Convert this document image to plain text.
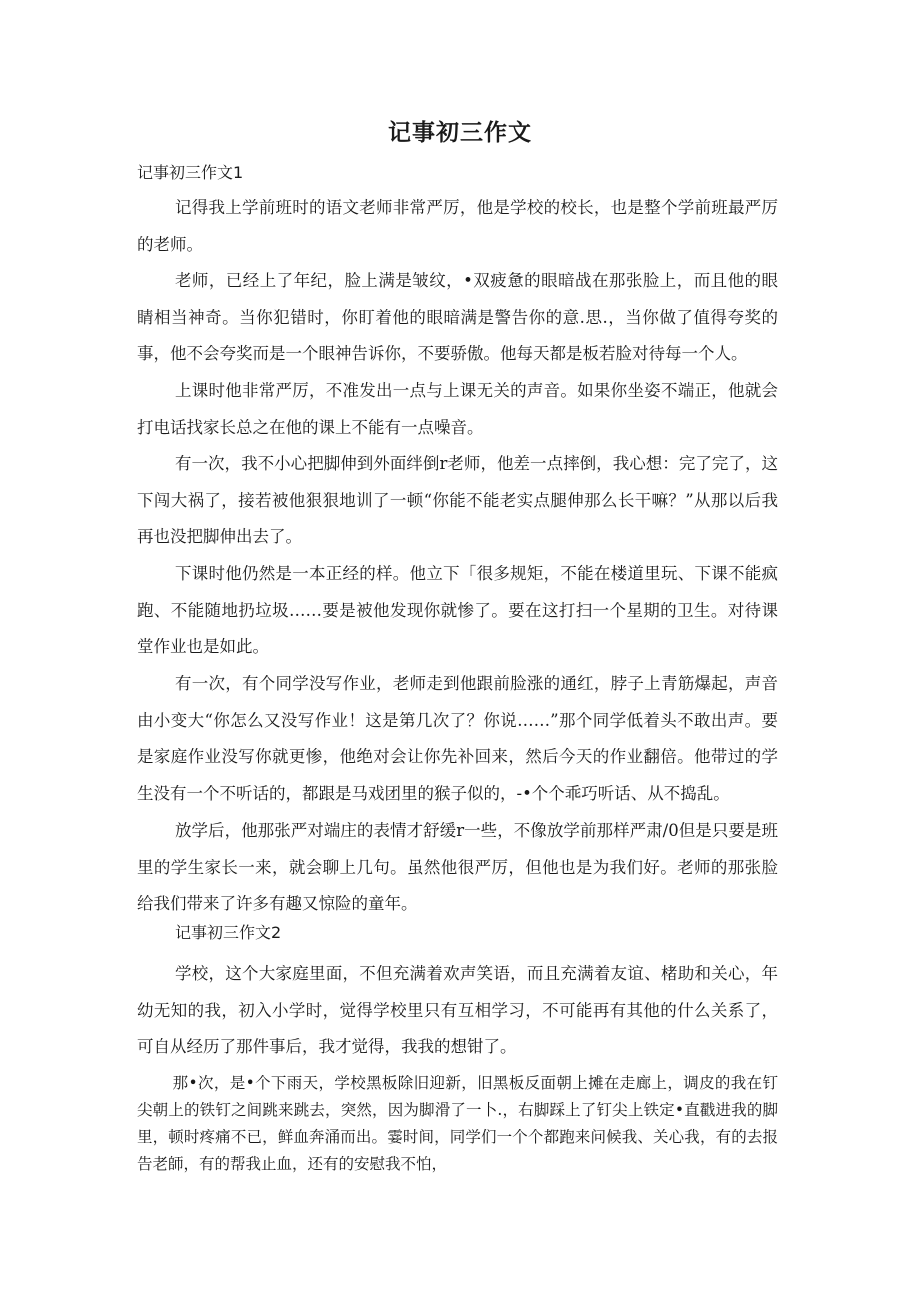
记事初三作文
记事初三作文1

记得我上学前班时的语文老师非常严厉，他是学校的校长，也是整个学前班最严厉的老师。

老师，已经上了年纪，脸上满是皱纹，•双疲惫的眼暗战在那张脸上，而且他的眼睛相当神奇。当你犯错时，你盯着他的眼暗满是警告你的意.思.，当你做了值得夸奖的事，他不会夸奖而是一个眼神告诉你，不要骄傲。他每天都是板若脸对待每一个人。

上课时他非常严厉，不准发出一点与上课无关的声音。如果你坐姿不端正，他就会打电话找家长总之在他的课上不能有一点噪音。

有一次，我不小心把脚伸到外面绊倒r老师，他差一点摔倒，我心想：完了完了，这下闯大祸了，接若被他狠狠地训了一顿“你能不能老实点腿伸那么长干嘛？”从那以后我再也没把脚伸出去了。

下课时他仍然是一本正经的样。他立下「很多规矩，不能在楼道里玩、下课不能疯跑、不能随地扔垃圾……要是被他发现你就惨了。要在这打扫一个星期的卫生。对待课堂作业也是如此。

有一次，有个同学没写作业，老师走到他跟前脸涨的通红，脖子上青筋爆起，声音由小变大“你怎么又没写作业！这是第几次了？你说……”那个同学低着头不敢出声。要是家庭作业没写你就更惨，他绝对会让你先补回来，然后今天的作业翻倍。他带过的学生没有一个不听话的，都跟是马戏团里的猴子似的，-•个个乖巧听话、从不捣乱。

放学后，他那张严对端庄的表情才舒缓r一些，不像放学前那样严肃/0但是只要是班里的学生家长一来，就会聊上几句。虽然他很严厉，但他也是为我们好。老师的那张脸给我们带来了许多有趣又惊险的童年。

记事初三作文2

学校，这个大家庭里面，不但充满着欢声笑语，而且充满着友谊、楮助和关心，年幼无知的我，初入小学时，觉得学校里只有互相学习，不可能再有其他的什么关系了，可自从经历了那件事后，我才觉得，我我的想钳了。

那•次，是•个下雨天，学校黑板除旧迎新，旧黑板反面朝上摊在走廊上，调皮的我在钉尖朝上的铁钉之间跳来跳去，突然，因为脚滑了一卜.，右脚踩上了钉尖上铁定•直戳进我的脚里，顿时疼痛不已，鲜血奔涌而出。霎时间，同学们一个个都跑来问候我、关心我，有的去报告老師，有的帮我止血，还有的安慰我不怕，
